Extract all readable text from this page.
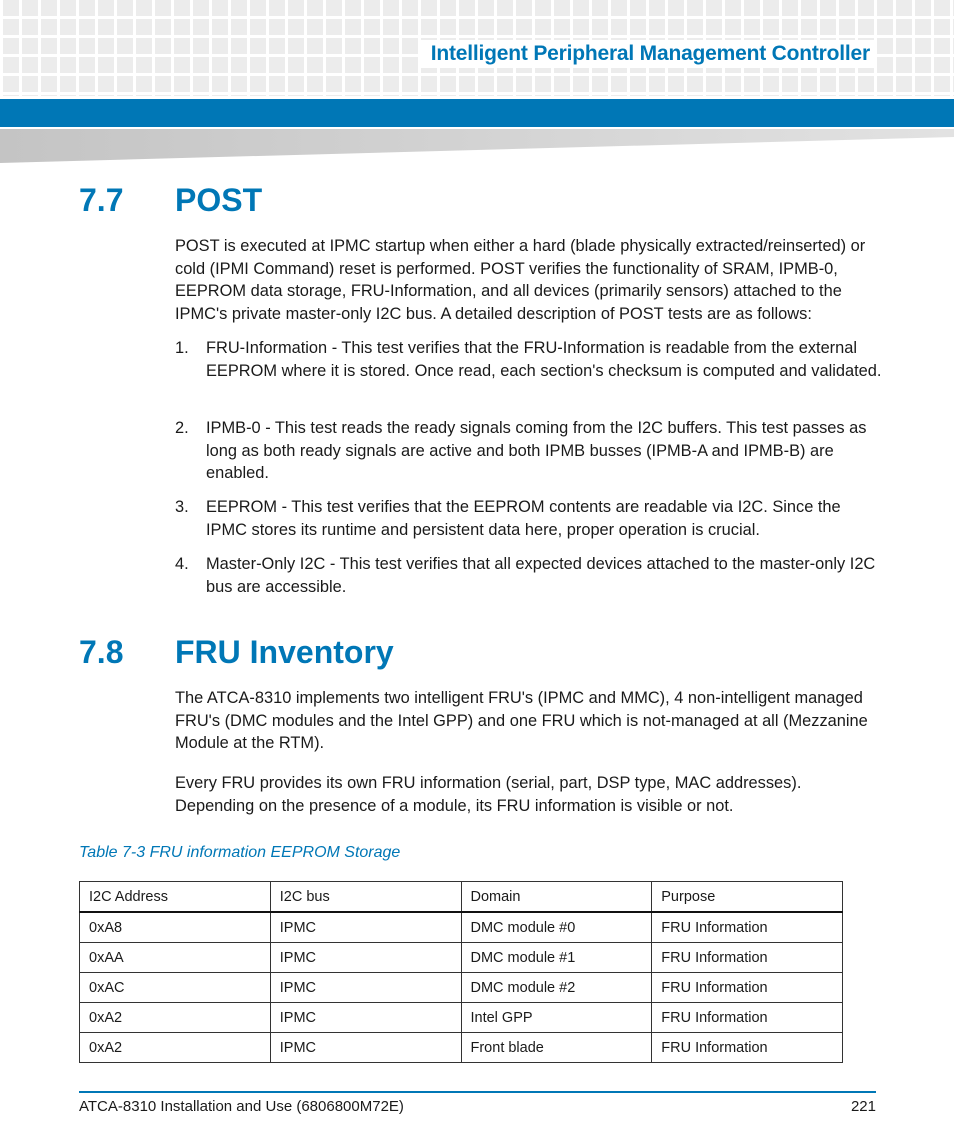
Intelligent Peripheral Management Controller
7.7 POST

POST is executed at IPMC startup when either a hard (blade physically extracted/reinserted) or cold (IPMI Command) reset is performed. POST verifies the functionality of SRAM, IPMB-0, EEPROM data storage, FRU-Information, and all devices (primarily sensors) attached to the IPMC's private master-only I2C bus. A detailed description of POST tests are as follows:

1. FRU-Information - This test verifies that the FRU-Information is readable from the external EEPROM where it is stored. Once read, each section's checksum is computed and validated.
2. IPMB-0 - This test reads the ready signals coming from the I2C buffers. This test passes as long as both ready signals are active and both IPMB busses (IPMB-A and IPMB-B) are enabled.
3. EEPROM - This test verifies that the EEPROM contents are readable via I2C. Since the IPMC stores its runtime and persistent data here, proper operation is crucial.
4. Master-Only I2C - This test verifies that all expected devices attached to the master-only I2C bus are accessible.
7.8 FRU Inventory

The ATCA-8310 implements two intelligent FRU's (IPMC and MMC), 4 non-intelligent managed FRU's (DMC modules and the Intel GPP) and one FRU which is not-managed at all (Mezzanine Module at the RTM).

Every FRU provides its own FRU information (serial, part, DSP type, MAC addresses). Depending on the presence of a module, its FRU information is visible or not.

Table 7-3 FRU information EEPROM Storage
I2C Address	I2C bus	Domain	Purpose
0xA8	IPMC	DMC module #0	FRU Information
0xAA	IPMC	DMC module #1	FRU Information
0xAC	IPMC	DMC module #2	FRU Information
0xA2	IPMC	Intel GPP	FRU Information
0xA2	IPMC	Front blade	FRU Information
ATCA-8310 Installation and Use (6806800M72E)	221
